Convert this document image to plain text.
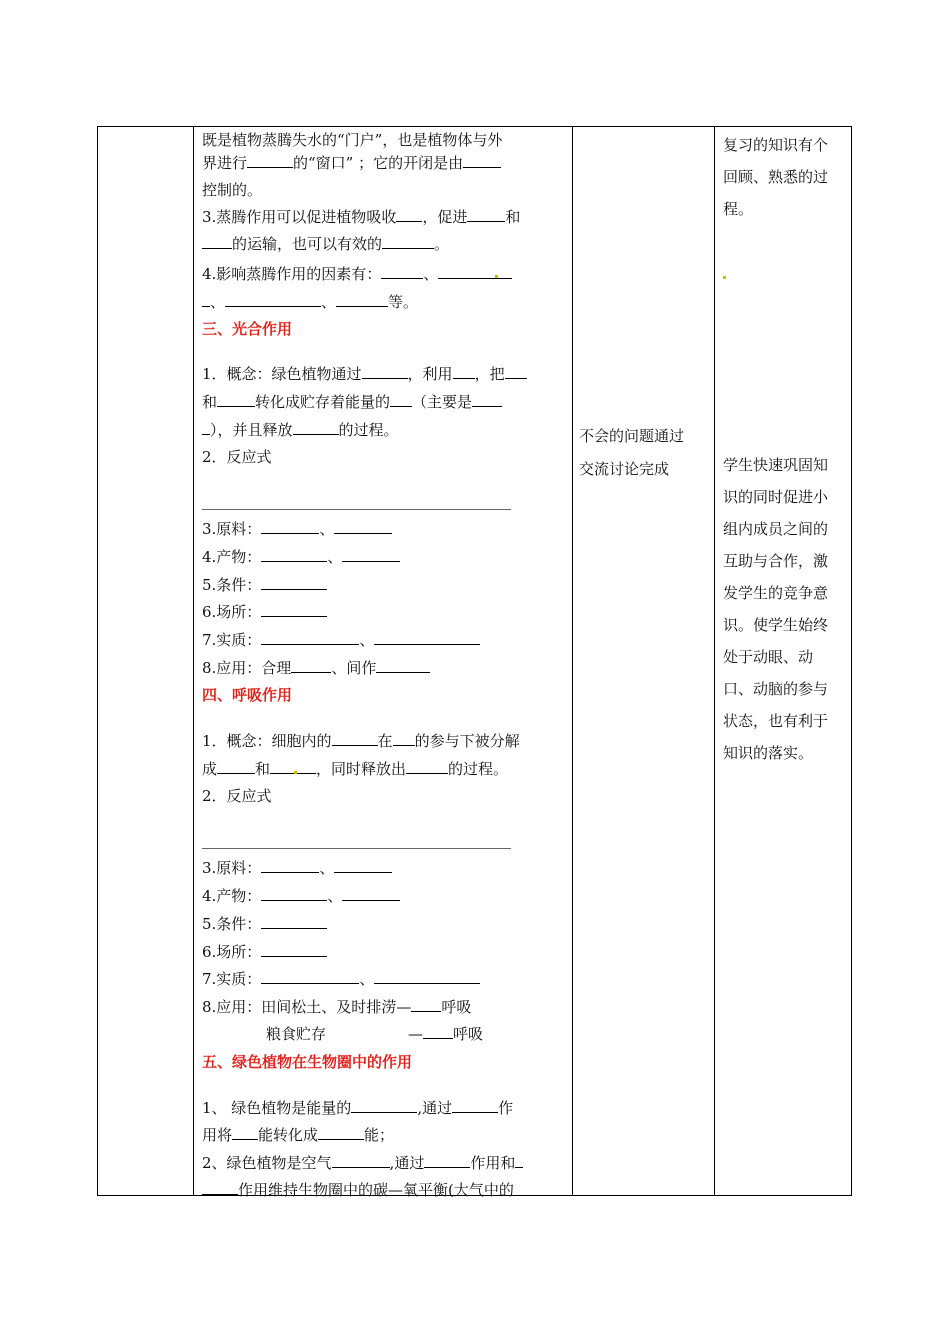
既是植物蒸腾失水的“门户”，也是植物体与外
界进行	的“窗口” ；它的开闭是由
控制的。
3.蒸腾作用可以促进植物吸收 ，促进	和
的运输，也可以有效的	。
4.影响蒸腾作用的因素有：	、
、	、	等。
三、光合作用
1．概念：绿色植物通过	，利用 ，把
和	转化成贮存着能量的 （主要是
），并且释放	的过程。
2．反应式
3.原料：	、
4.产物：	、
5.条件：
6.场所：
7.实质：	、
8.应用：合理	、间作
四、呼吸作用
1．概念：细胞内的	在 的参与下被分解
成	和	，同时释放出	的过程。
2．反应式
3.原料：	、
4.产物：	、
5.条件：
6.场所：
7.实质：	、
8.应用：田间松土、及时排涝— 呼吸
粮食贮存	— 呼吸
五、绿色植物在生物圈中的作用
1、 绿色植物是能量的	,通过	作
用将 能转化成	能；
2、绿色植物是空气	,通过	作用和
作用维持生物圈中的碳—氧平衡(大气中的
不会的问题通过
交流讨论完成
复习的知识有个
回顾、熟悉的过
程。
学生快速巩固知
识的同时促进小
组内成员之间的
互助与合作，激
发学生的竞争意
识。使学生始终
处于动眼、动
口、动脑的参与
状态，也有利于
知识的落实。
